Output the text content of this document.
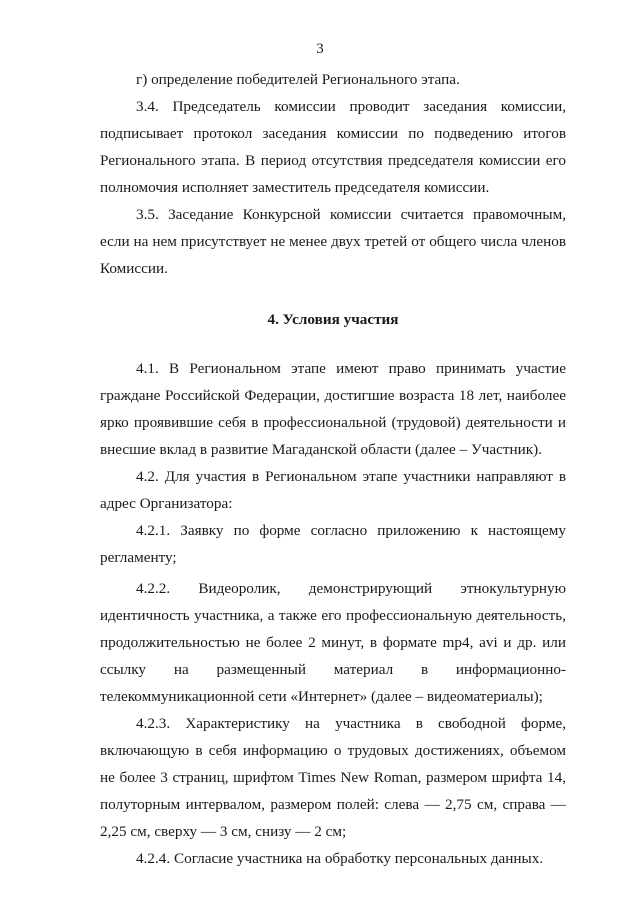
3

г) определение победителей Регионального этапа.

3.4. Председатель комиссии проводит заседания комиссии, подписывает протокол заседания комиссии по подведению итогов Регионального этапа. В период отсутствия председателя комиссии его полномочия исполняет заместитель председателя комиссии.

3.5. Заседание Конкурсной комиссии считается правомочным, если на нем присутствует не менее двух третей от общего числа членов Комиссии.

4. Условия участия

4.1. В Региональном этапе имеют право принимать участие граждане Российской Федерации, достигшие возраста 18 лет, наиболее ярко проявившие себя в профессиональной (трудовой) деятельности и внесшие вклад в развитие Магаданской области (далее – Участник).

4.2. Для участия в Региональном этапе участники направляют в адрес Организатора:

4.2.1. Заявку по форме согласно приложению к настоящему регламенту;

4.2.2. Видеоролик, демонстрирующий этнокультурную идентичность участника, а также его профессиональную деятельность, продолжительностью не более 2 минут, в формате mp4, avi и др. или ссылку на размещенный материал в информационно-телекоммуникационной сети «Интернет» (далее – видеоматериалы);

4.2.3. Характеристику на участника в свободной форме, включающую в себя информацию о трудовых достижениях, объемом не более 3 страниц, шрифтом Times New Roman, размером шрифта 14, полуторным интервалом, размером полей: слева — 2,75 см, справа — 2,25 см, сверху — 3 см, снизу — 2 см;

4.2.4. Согласие участника на обработку персональных данных.
